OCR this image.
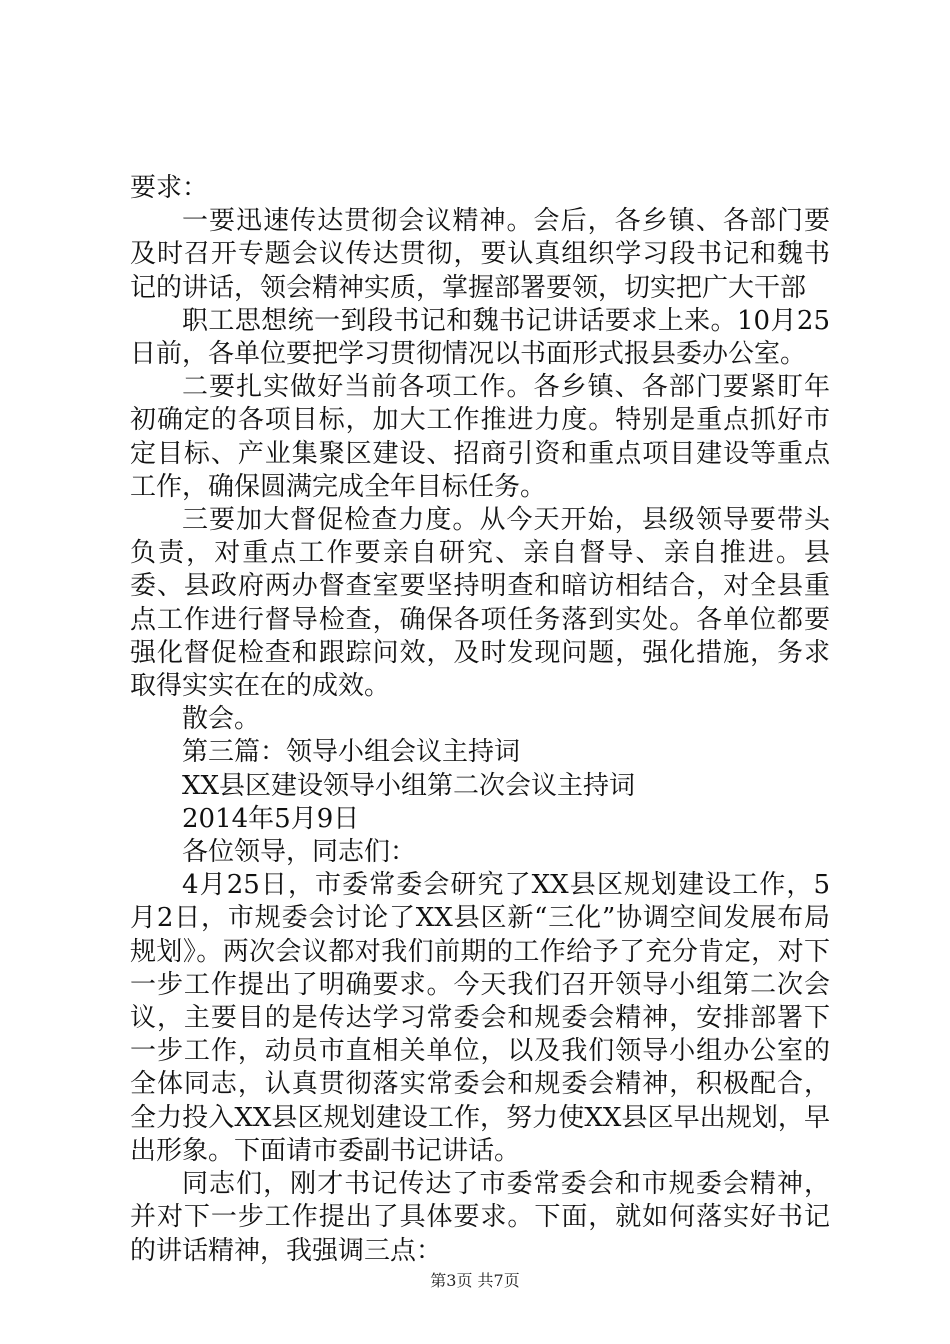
要求：

一要迅速传达贯彻会议精神。会后，各乡镇、各部门要及时召开专题会议传达贯彻，要认真组织学习段书记和魏书记的讲话，领会精神实质，掌握部署要领，切实把广大干部

职工思想统一到段书记和魏书记讲话要求上来。10月25日前，各单位要把学习贯彻情况以书面形式报县委办公室。

二要扎实做好当前各项工作。各乡镇、各部门要紧盯年初确定的各项目标，加大工作推进力度。特别是重点抓好市定目标、产业集聚区建设、招商引资和重点项目建设等重点工作，确保圆满完成全年目标任务。

三要加大督促检查力度。从今天开始，县级领导要带头负责，对重点工作要亲自研究、亲自督导、亲自推进。县委、县政府两办督查室要坚持明查和暗访相结合，对全县重点工作进行督导检查，确保各项任务落到实处。各单位都要强化督促检查和跟踪问效，及时发现问题，强化措施，务求取得实实在在的成效。

散会。

第三篇：领导小组会议主持词

XX县区建设领导小组第二次会议主持词

2014年5月9日

各位领导，同志们：

4月25日，市委常委会研究了XX县区规划建设工作，5月2日，市规委会讨论了XX县区新“三化”协调空间发展布局规划》。两次会议都对我们前期的工作给予了充分肯定，对下一步工作提出了明确要求。今天我们召开领导小组第二次会议，主要目的是传达学习常委会和规委会精神，安排部署下一步工作，动员市直相关单位，以及我们领导小组办公室的全体同志，认真贯彻落实常委会和规委会精神，积极配合，全力投入XX县区规划建设工作，努力使XX县区早出规划，早出形象。下面请市委副书记讲话。

同志们，刚才书记传达了市委常委会和市规委会精神，并对下一步工作提出了具体要求。下面，就如何落实好书记的讲话精神，我强调三点：

第3页 共7页
